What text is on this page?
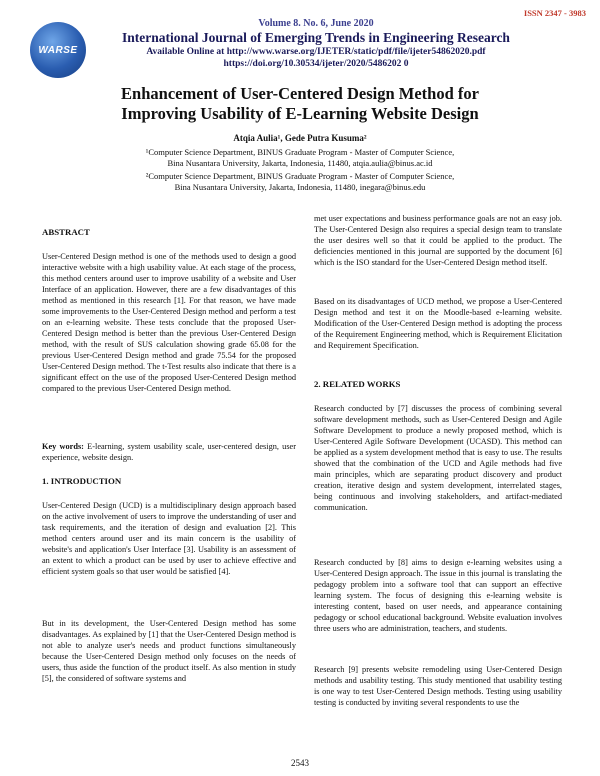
ISSN 2347 - 3983
WARSE
Volume 8. No. 6, June 2020
International Journal of Emerging Trends in Engineering Research
Available Online at http://www.warse.org/IJETER/static/pdf/file/ijeter54862020.pdf
https://doi.org/10.30534/ijeter/2020/5486202 0
Enhancement of User-Centered Design Method for
Improving Usability of E-Learning Website Design
Atqia Aulia¹, Gede Putra Kusuma²
¹Computer Science Department, BINUS Graduate Program - Master of Computer Science,
Bina Nusantara University, Jakarta, Indonesia, 11480, atqia.aulia@binus.ac.id
²Computer Science Department, BINUS Graduate Program - Master of Computer Science,
Bina Nusantara University, Jakarta, Indonesia, 11480, inegara@binus.edu
ABSTRACT
User-Centered Design method is one of the methods used to design a good interactive website with a high usability value. At each stage of the process, this method centers around user to improve usability of a website and User Interface of an application. However, there are a few disadvantages of this method as mentioned in this research [1]. For that reason, we have made some improvements to the User-Centered Design method and perform a test on an e-learning website. These tests conclude that the proposed User-Centered Design method is better than the previous User-Centered Design method, with the result of SUS calculation showing grade 65.08 for the previous User-Centered Design method and grade 75.54 for the proposed User-Centered Design method. The t-Test results also indicate that there is a significant effect on the use of the proposed User-Centered Design method compared to the previous User-Centered Design method.
Key words: E-learning, system usability scale, user-centered design, user experience, website design.
1. INTRODUCTION
User-Centered Design (UCD) is a multidisciplinary design approach based on the active involvement of users to improve the understanding of user and task requirements, and the iteration of design and evaluation [2]. This method centers around user and its main concern is the usability of website's and application's User Interface [3]. Usability is an assessment of an extent to which a product can be used by user to achieve effective and efficient system goals so that user would be satisfied [4].
But in its development, the User-Centered Design method has some disadvantages. As explained by [1] that the User-Centered Design method is not able to analyze user's needs and product functions simultaneously because the User-Centered Design method only focuses on the needs of users, thus aside the function of the product itself. As also mention in study [5], the considered of software systems and
met user expectations and business performance goals are not an easy job. The User-Centered Design also requires a special design team to translate the user desires well so that it could be applied to the product. The deficiencies mentioned in this journal are supported by the document [6] which is the ISO standard for the User-Centered Design method itself.
Based on its disadvantages of UCD method, we propose a User-Centered Design method and test it on the Moodle-based e-learning website. Modification of the User-Centered Design method is adopting the process of the Requirement Engineering method, which is Requirement Elicitation and Requirement Specification.
2. RELATED WORKS
Research conducted by [7] discusses the process of combining several software development methods, such as User-Centered Design and Agile Software Development to produce a newly proposed method, which is User-Centered Agile Software Development (UCASD). This method can be applied as a system development method that is easy to use. The results showed that the combination of the UCD and Agile methods had five main principles, which are separating product discovery and product creation, iterative design and system development, interrelated stages, being continuous and involving stakeholders, and artifact-mediated communication.
Research conducted by [8] aims to design e-learning websites using a User-Centered Design approach. The issue in this journal is translating the pedagogy problem into a software tool that can support an effective learning system. The focus of designing this e-learning website is interesting content, based on user needs, and appearance containing pedagogy or school educational background. Website evaluation involves three users who are administration, teachers, and students.
Research [9] presents website remodeling using User-Centered Design methods and usability testing. This study mentioned that usability testing is one way to test User-Centered Design methods. Testing using usability testing is conducted by inviting several respondents to use the
2543
